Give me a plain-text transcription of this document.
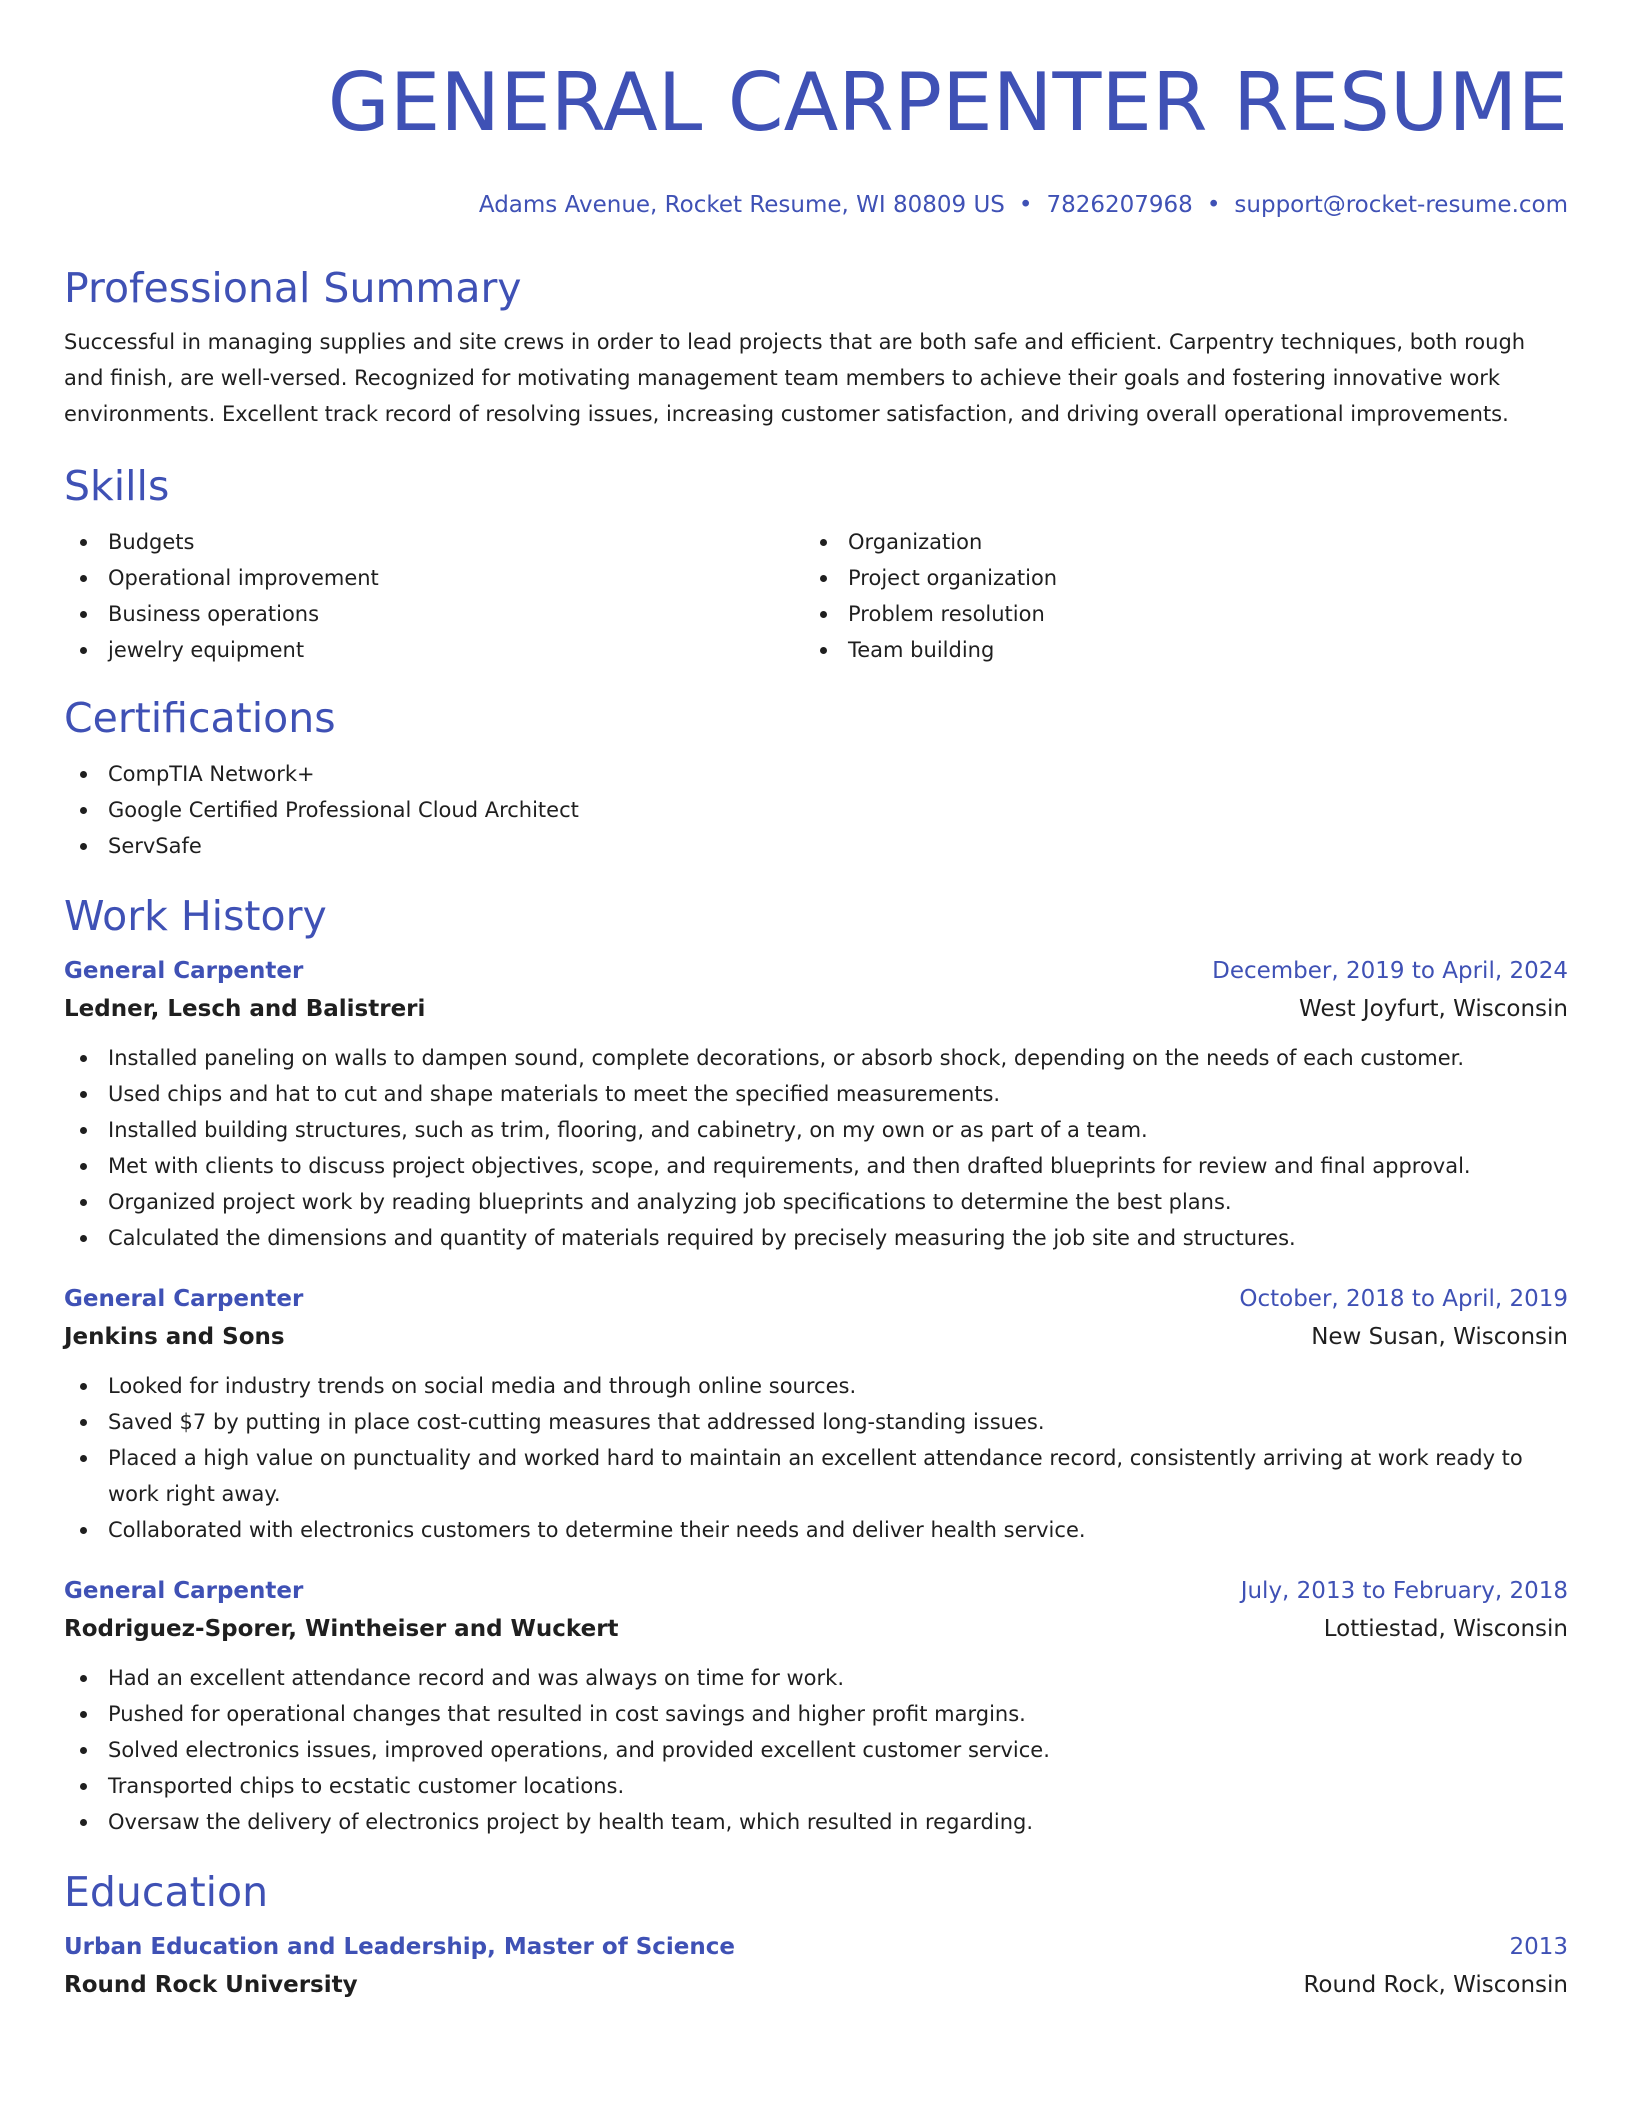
GENERAL CARPENTER RESUME
Adams Avenue, Rocket Resume, WI 80809 US • 7826207968 • support@rocket-resume.com
Professional Summary

Successful in managing supplies and site crews in order to lead projects that are both safe and efficient. Carpentry techniques, both rough and finish, are well-versed. Recognized for motivating management team members to achieve their goals and fostering innovative work environments. Excellent track record of resolving issues, increasing customer satisfaction, and driving overall operational improvements.

Skills
Budgets
Operational improvement
Business operations
jewelry equipment
Organization
Project organization
Problem resolution
Team building
Certifications
CompTIA Network+
Google Certified Professional Cloud Architect
ServSafe
Work History
General Carpenter	December, 2019 to April, 2024
Ledner, Lesch and Balistreri	West Joyfurt, Wisconsin
Installed paneling on walls to dampen sound, complete decorations, or absorb shock, depending on the needs of each customer.
Used chips and hat to cut and shape materials to meet the specified measurements.
Installed building structures, such as trim, flooring, and cabinetry, on my own or as part of a team.
Met with clients to discuss project objectives, scope, and requirements, and then drafted blueprints for review and final approval.
Organized project work by reading blueprints and analyzing job specifications to determine the best plans.
Calculated the dimensions and quantity of materials required by precisely measuring the job site and structures.
General Carpenter	October, 2018 to April, 2019
Jenkins and Sons	New Susan, Wisconsin
Looked for industry trends on social media and through online sources.
Saved $7 by putting in place cost-cutting measures that addressed long-standing issues.
Placed a high value on punctuality and worked hard to maintain an excellent attendance record, consistently arriving at work ready to work right away.
Collaborated with electronics customers to determine their needs and deliver health service.
General Carpenter	July, 2013 to February, 2018
Rodriguez-Sporer, Wintheiser and Wuckert	Lottiestad, Wisconsin
Had an excellent attendance record and was always on time for work.
Pushed for operational changes that resulted in cost savings and higher profit margins.
Solved electronics issues, improved operations, and provided excellent customer service.
Transported chips to ecstatic customer locations.
Oversaw the delivery of electronics project by health team, which resulted in regarding.
Education
Urban Education and Leadership, Master of Science	2013
Round Rock University	Round Rock, Wisconsin
